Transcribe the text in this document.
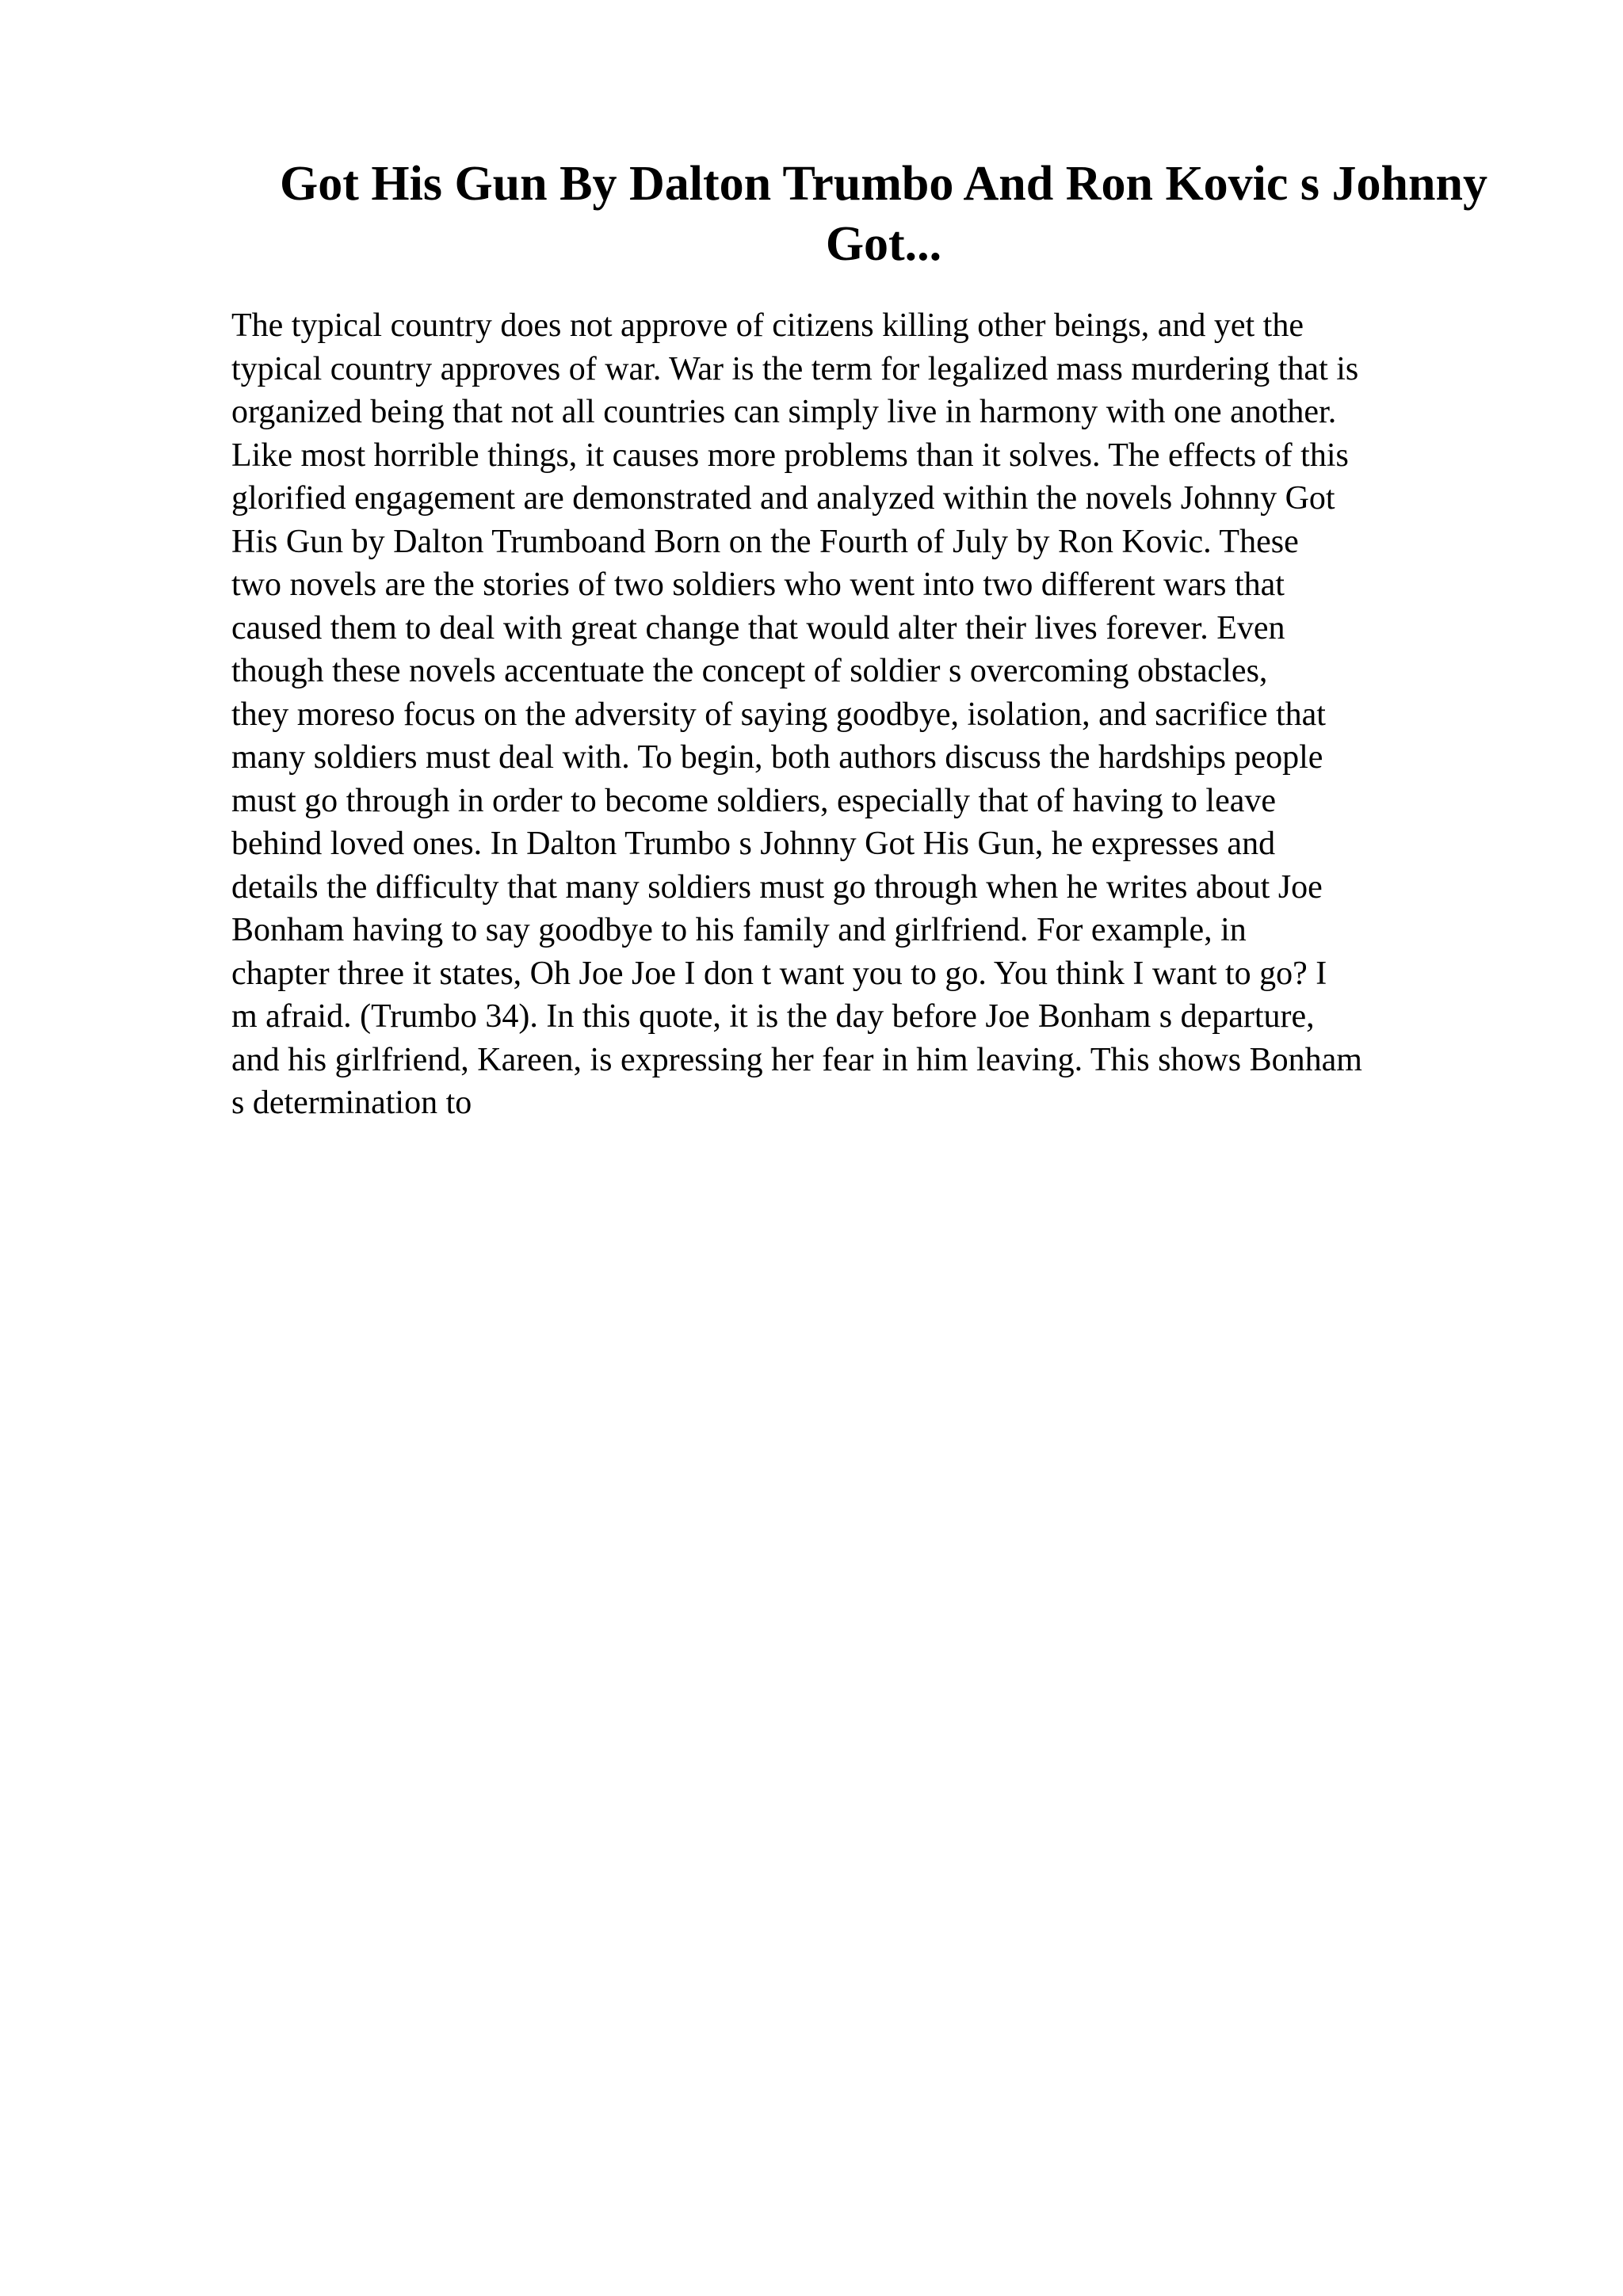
Got His Gun By Dalton Trumbo And Ron Kovic s Johnny
Got...
The typical country does not approve of citizens killing other beings, and yet the
typical country approves of war. War is the term for legalized mass murdering that is
organized being that not all countries can simply live in harmony with one another.
Like most horrible things, it causes more problems than it solves. The effects of this
glorified engagement are demonstrated and analyzed within the novels Johnny Got
His Gun by Dalton Trumboand Born on the Fourth of July by Ron Kovic. These
two novels are the stories of two soldiers who went into two different wars that
caused them to deal with great change that would alter their lives forever. Even
though these novels accentuate the concept of soldier s overcoming obstacles,
they moreso focus on the adversity of saying goodbye, isolation, and sacrifice that
many soldiers must deal with. To begin, both authors discuss the hardships people
must go through in order to become soldiers, especially that of having to leave
behind loved ones. In Dalton Trumbo s Johnny Got His Gun, he expresses and
details the difficulty that many soldiers must go through when he writes about Joe
Bonham having to say goodbye to his family and girlfriend. For example, in
chapter three it states, Oh Joe Joe I don t want you to go. You think I want to go? I
m afraid. (Trumbo 34). In this quote, it is the day before Joe Bonham s departure,
and his girlfriend, Kareen, is expressing her fear in him leaving. This shows Bonham
s determination to
